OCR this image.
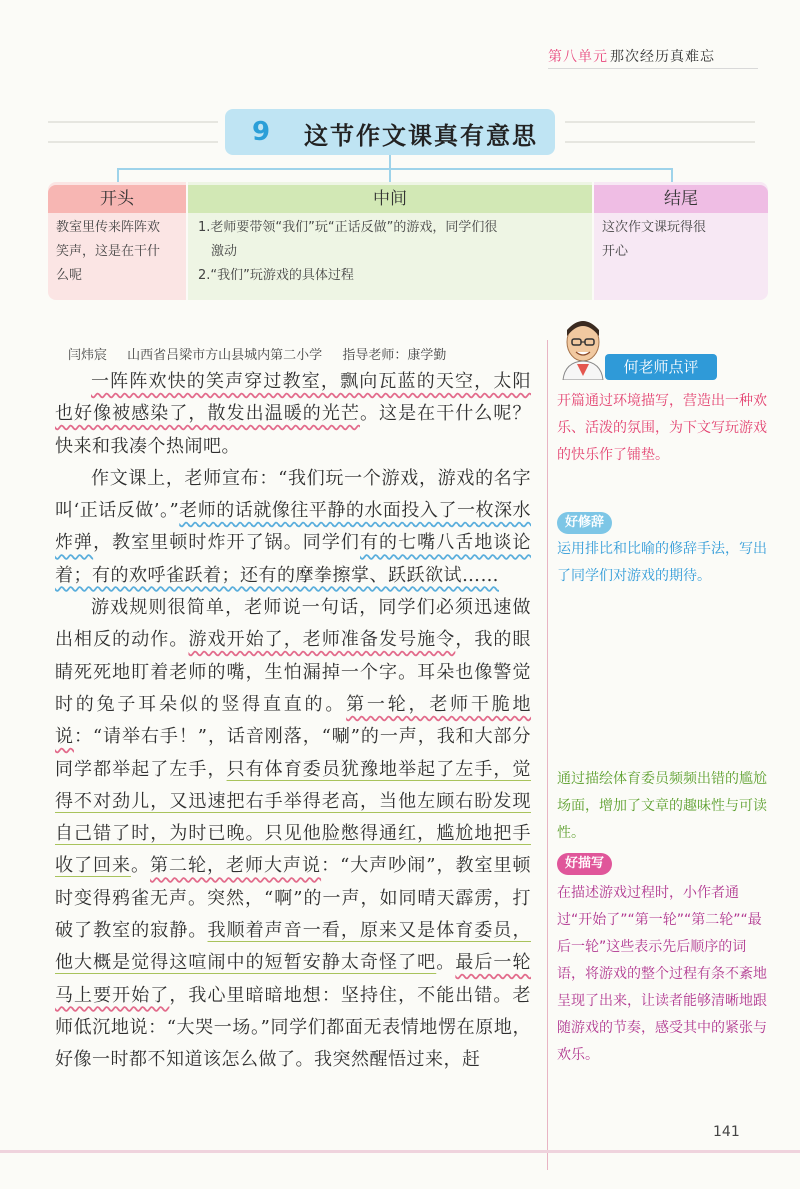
第八单元 那次经历真难忘
9	这节作文课真有意思
开头
教室里传来阵阵欢
笑声，这是在干什
么呢
中间
1.老师要带领“我们”玩“正话反做”的游戏，同学们很
　激动
2.“我们”玩游戏的具体过程
结尾
这次作文课玩得很
开心
闫炜宸 山西省吕梁市方山县城内第二小学 指导老师：康学勤

一阵阵欢快的笑声穿过教室，飘向瓦蓝的天空，太阳也好像被感染了，散发出温暖的光芒。这是在干什么呢？快来和我凑个热闹吧。

作文课上，老师宣布：“我们玩一个游戏，游戏的名字叫‘正话反做’。”老师的话就像往平静的水面投入了一枚深水炸弹，教室里顿时炸开了锅。同学们有的七嘴八舌地谈论着；有的欢呼雀跃着；还有的摩拳擦掌、跃跃欲试……

游戏规则很简单，老师说一句话，同学们必须迅速做出相反的动作。游戏开始了，老师准备发号施令，我的眼睛死死地盯着老师的嘴，生怕漏掉一个字。耳朵也像警觉时的兔子耳朵似的竖得直直的。第一轮，老师干脆地说：“请举右手！”，话音刚落，“唰”的一声，我和大部分同学都举起了左手，只有体育委员犹豫地举起了左手，觉得不对劲儿，又迅速把右手举得老高，当他左顾右盼发现自己错了时，为时已晚。只见他脸憋得通红，尴尬地把手收了回来。第二轮，老师大声说：“大声吵闹”，教室里顿时变得鸦雀无声。突然，“啊”的一声，如同晴天霹雳，打破了教室的寂静。我顺着声音一看，原来又是体育委员，他大概是觉得这喧闹中的短暂安静太奇怪了吧。最后一轮马上要开始了，我心里暗暗地想：坚持住，不能出错。老师低沉地说：“大哭一场。”同学们都面无表情地愣在原地，好像一时都不知道该怎么做了。我突然醒悟过来，赶

何老师点评
开篇通过环境描写，营造出一种欢乐、活泼的氛围，为下文写玩游戏的快乐作了铺垫。
好修辞
运用排比和比喻的修辞手法，写出了同学们对游戏的期待。
通过描绘体育委员频频出错的尴尬场面，增加了文章的趣味性与可读性。
好描写
在描述游戏过程时，小作者通过“开始了”“第一轮”“第二轮”“最后一轮”这些表示先后顺序的词语，将游戏的整个过程有条不紊地呈现了出来，让读者能够清晰地跟随游戏的节奏，感受其中的紧张与欢乐。
141
